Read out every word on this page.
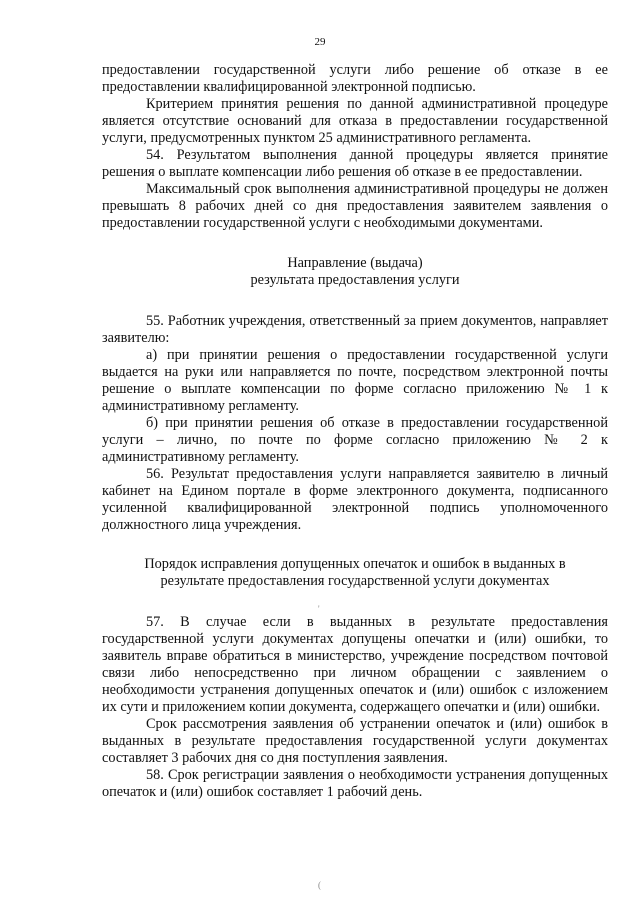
29

предоставлении государственной услуги либо решение об отказе в ее предоставлении квалифицированной электронной подписью.

Критерием принятия решения по данной административной процедуре является отсутствие оснований для отказа в предоставлении государственной услуги, предусмотренных пунктом 25 административного регламента.

54. Результатом выполнения данной процедуры является принятие решения о выплате компенсации либо решения об отказе в ее предоставлении.

Максимальный срок выполнения административной процедуры не должен превышать 8 рабочих дней со дня предоставления заявителем заявления о предоставлении государственной услуги с необходимыми документами.

Направление (выдача)
результата предоставления услуги

55. Работник учреждения, ответственный за прием документов, направляет заявителю:

а) при принятии решения о предоставлении государственной услуги выдается на руки или направляется по почте, посредством электронной почты решение о выплате компенсации по форме согласно приложению № 1 к административному регламенту.

б) при принятии решения об отказе в предоставлении государственной услуги – лично, по почте по форме согласно приложению № 2 к административному регламенту.

56. Результат предоставления услуги направляется заявителю в личный кабинет на Едином портале в форме электронного документа, подписанного усиленной квалифицированной электронной подпись уполномоченного должностного лица учреждения.

Порядок исправления допущенных опечаток и ошибок в выданных в
результате предоставления государственной услуги документах

57. В случае если в выданных в результате предоставления государственной услуги документах допущены опечатки и (или) ошибки, то заявитель вправе обратиться в министерство, учреждение посредством почтовой связи либо непосредственно при личном обращении с заявлением о необходимости устранения допущенных опечаток и (или) ошибок с изложением их сути и приложением копии документа, содержащего опечатки и (или) ошибки.

Срок рассмотрения заявления об устранении опечаток и (или) ошибок в выданных в результате предоставления государственной услуги документах составляет 3 рабочих дня со дня поступления заявления.

58. Срок регистрации заявления о необходимости устранения допущенных опечаток и (или) ошибок составляет 1 рабочий день.

'
(
